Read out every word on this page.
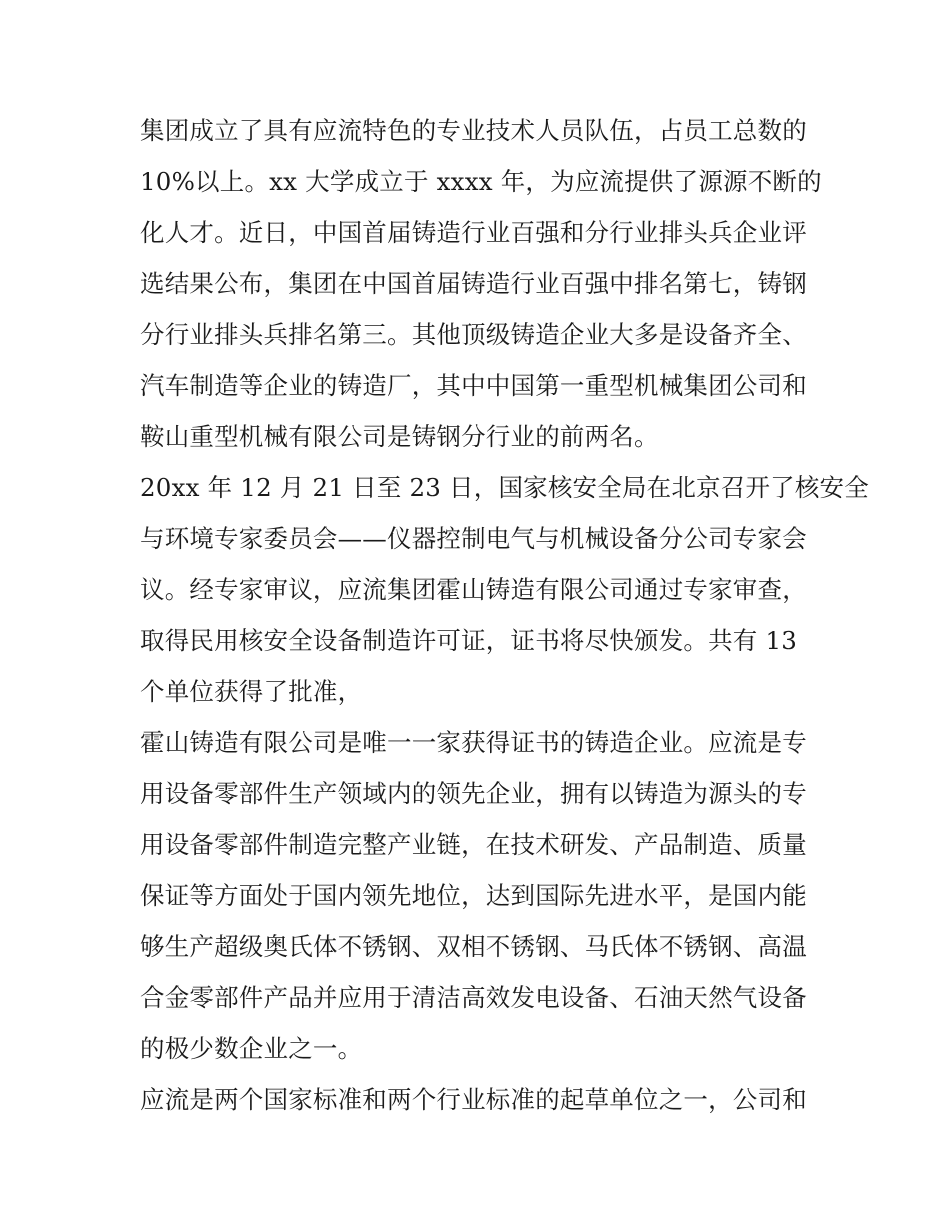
集团成立了具有应流特色的专业技术人员队伍，占员工总数的
10%以上。xx 大学成立于 xxxx 年，为应流提供了源源不断的
化人才。近日，中国首届铸造行业百强和分行业排头兵企业评
选结果公布，集团在中国首届铸造行业百强中排名第七，铸钢
分行业排头兵排名第三。其他顶级铸造企业大多是设备齐全、
汽车制造等企业的铸造厂，其中中国第一重型机械集团公司和
鞍山重型机械有限公司是铸钢分行业的前两名。
20xx 年 12 月 21 日至 23 日，国家核安全局在北京召开了核安全
与环境专家委员会——仪器控制电气与机械设备分公司专家会
议。经专家审议，应流集团霍山铸造有限公司通过专家审查，
取得民用核安全设备制造许可证，证书将尽快颁发。共有 13
个单位获得了批准，
霍山铸造有限公司是唯一一家获得证书的铸造企业。应流是专
用设备零部件生产领域内的领先企业，拥有以铸造为源头的专
用设备零部件制造完整产业链，在技术研发、产品制造、质量
保证等方面处于国内领先地位，达到国际先进水平，是国内能
够生产超级奥氏体不锈钢、双相不锈钢、马氏体不锈钢、高温
合金零部件产品并应用于清洁高效发电设备、石油天然气设备
的极少数企业之一。
应流是两个国家标准和两个行业标准的起草单位之一，公司和
